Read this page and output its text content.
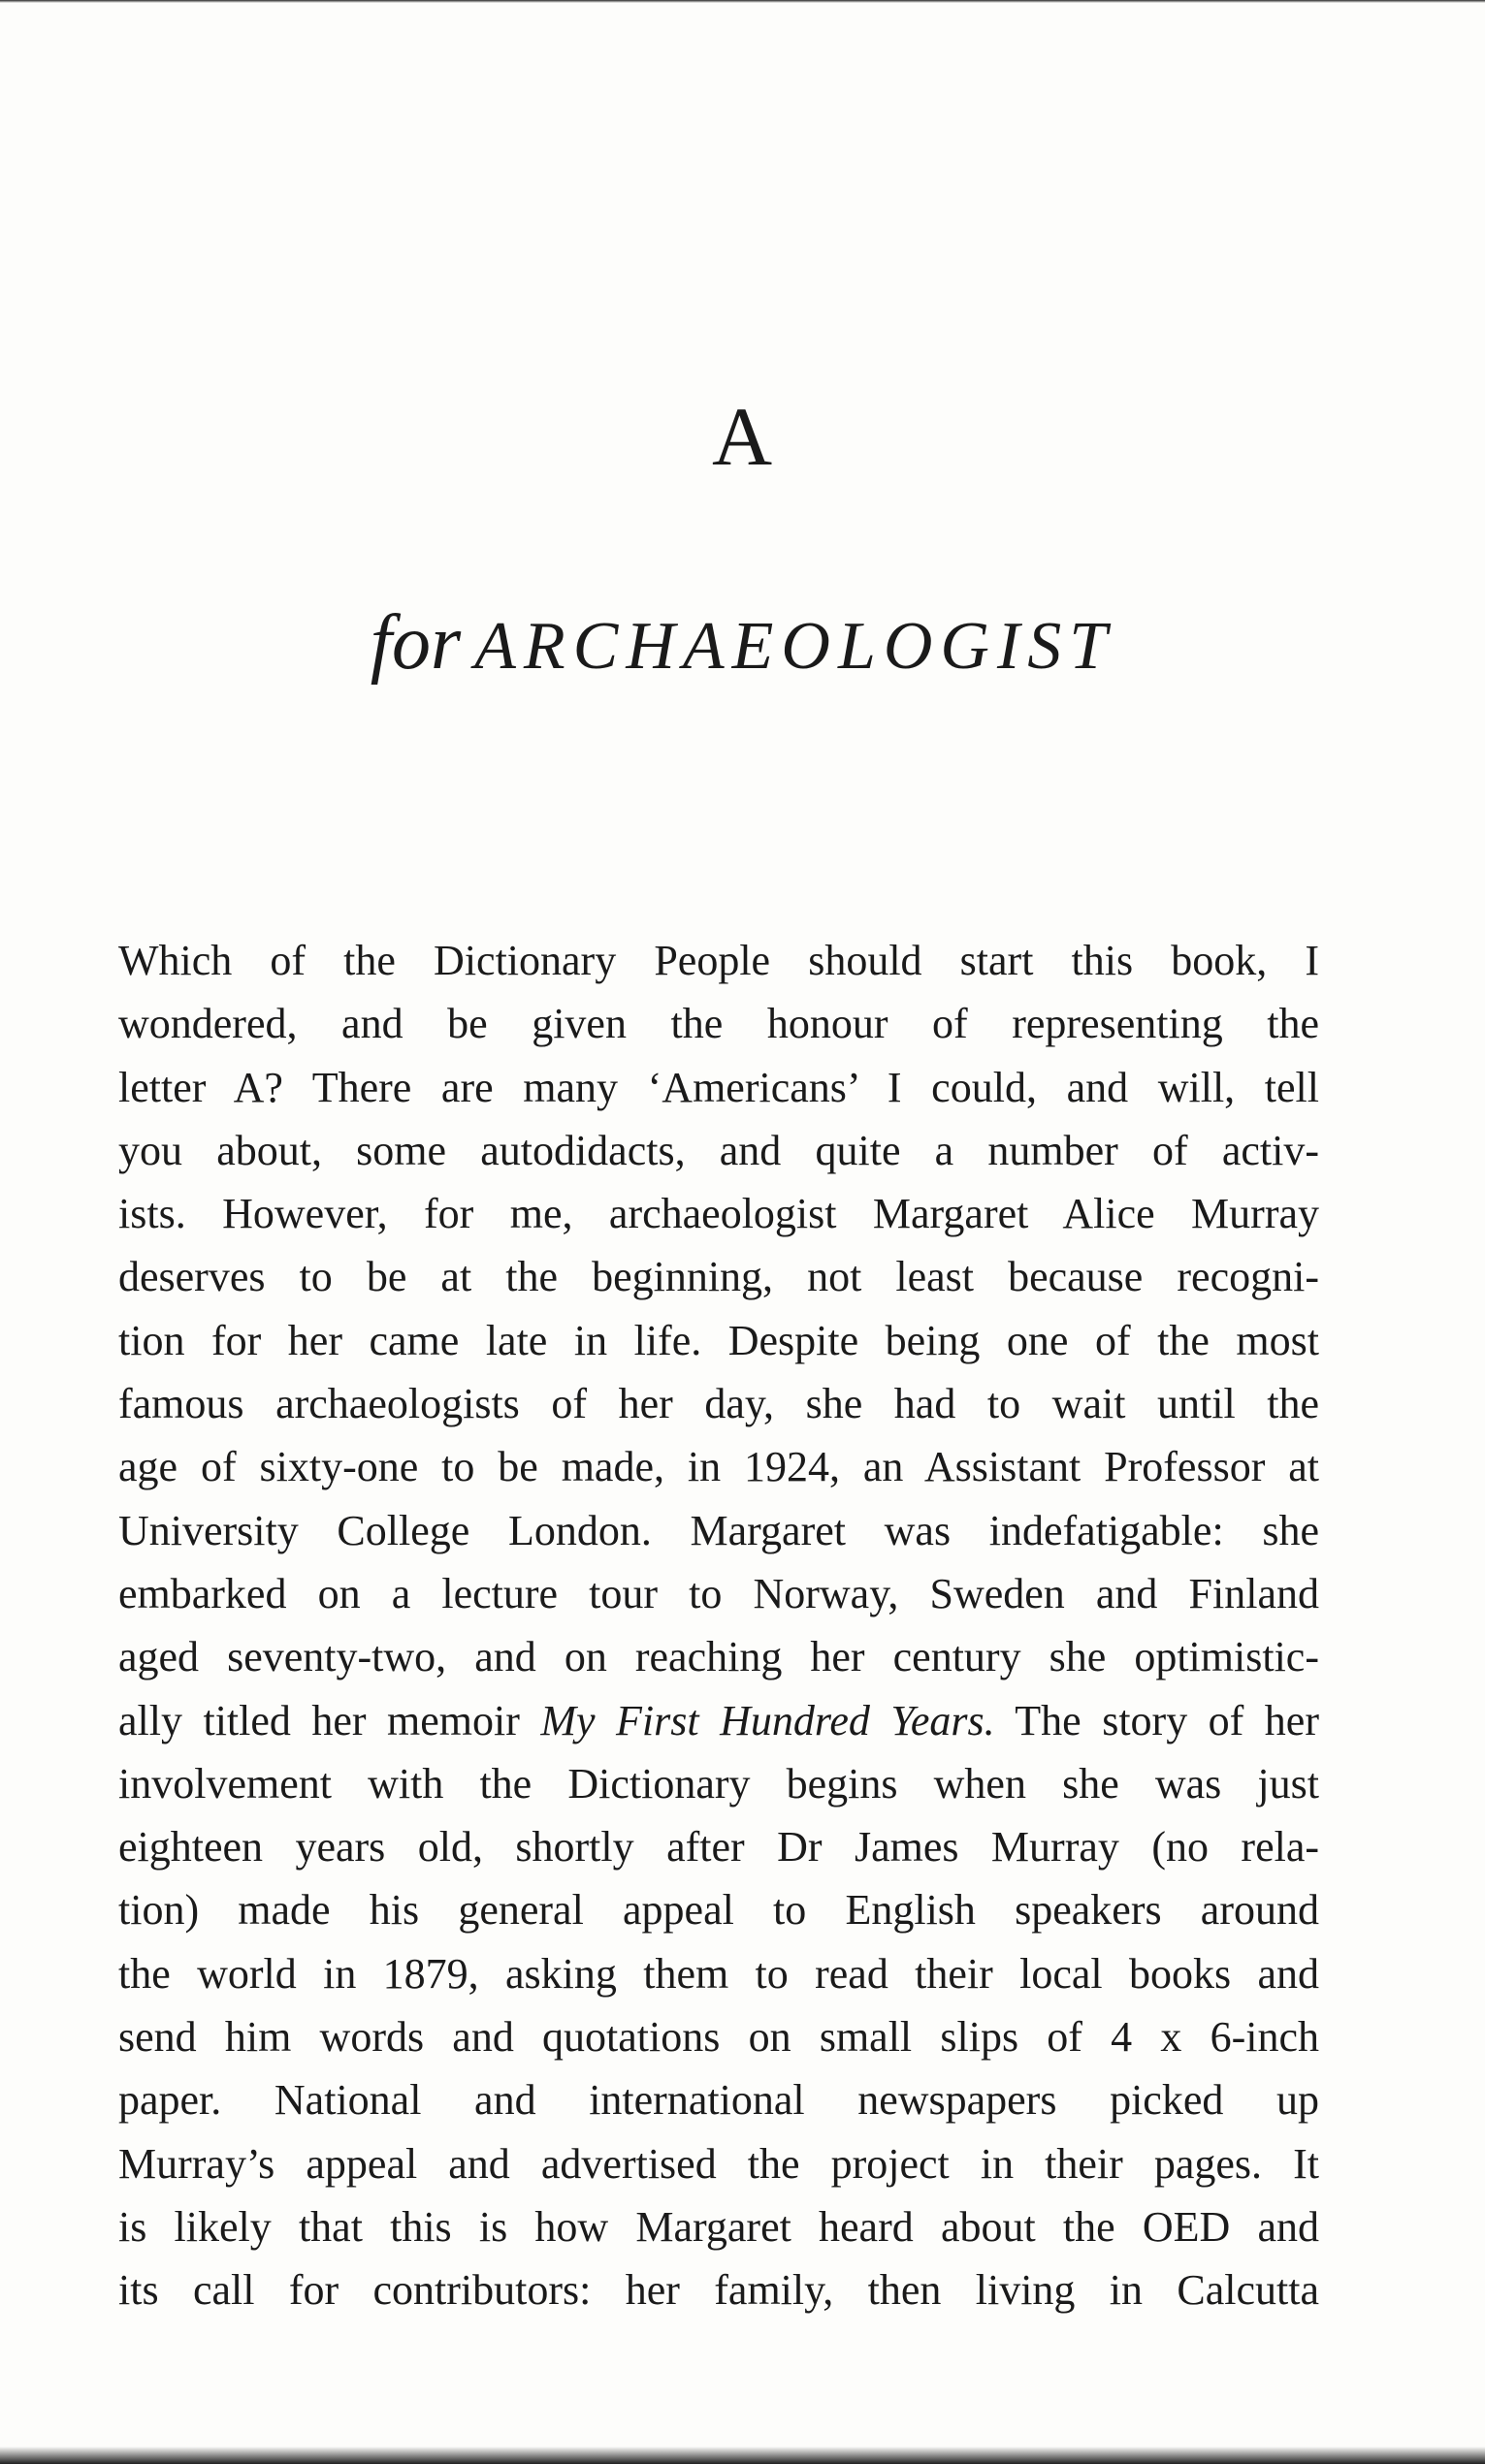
A
for ARCHAEOLOGIST
Which of the Dictionary People should start this book, I
wondered, and be given the honour of representing the
letter A? There are many ‘Americans’ I could, and will, tell
you about, some autodidacts, and quite a number of activ-
ists. However, for me, archaeologist Margaret Alice Murray
deserves to be at the beginning, not least because recogni-
tion for her came late in life. Despite being one of the most
famous archaeologists of her day, she had to wait until the
age of sixty-one to be made, in 1924, an Assistant Professor at
University College London. Margaret was indefatigable: she
embarked on a lecture tour to Norway, Sweden and Finland
aged seventy-two, and on reaching her century she optimistic-
ally titled her memoir My First Hundred Years. The story of her
involvement with the Dictionary begins when she was just
eighteen years old, shortly after Dr James Murray (no rela-
tion) made his general appeal to English speakers around
the world in 1879, asking them to read their local books and
send him words and quotations on small slips of 4 x 6-inch
paper. National and international newspapers picked up
Murray’s appeal and advertised the project in their pages. It
is likely that this is how Margaret heard about the OED and
its call for contributors: her family, then living in Calcutta
